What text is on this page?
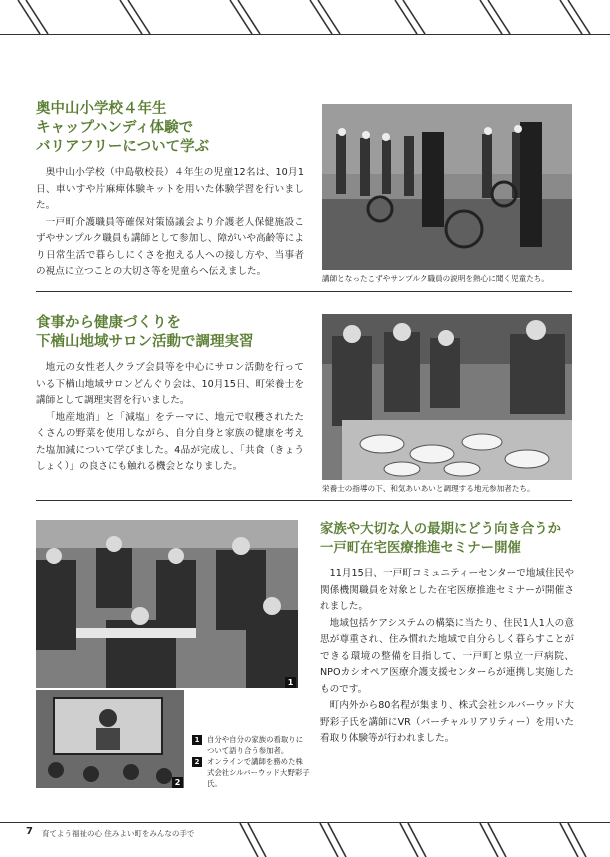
奥中山小学校４年生
キャップハンディ体験で
バリアフリーについて学ぶ

奥中山小学校（中島敬校長）４年生の児童12名は、10月1日、車いすや片麻痺体験キットを用いた体験学習を行いました。

一戸町介護職員等確保対策協議会より介護老人保健施設こずやサンプルク職員も講師として参加し、障がいや高齢等により日常生活で暮らしにくさを抱える人への接し方や、当事者の視点に立つことの大切さ等を児童らへ伝えました。

講師となったこずやサンプルク職員の説明を熱心に聞く児童たち。
食事から健康づくりを
下楢山地域サロン活動で調理実習

地元の女性老人クラブ会員等を中心にサロン活動を行っている下楢山地域サロンどんぐり会は、10月15日、町栄養士を講師として調理実習を行いました。

「地産地消」と「減塩」をテーマに、地元で収穫されたたくさんの野菜を使用しながら、自分自身と家族の健康を考えた塩加減について学びました。4品が完成し、「共食（きょうしょく）」の良さにも触れる機会となりました。

栄養士の指導の下、和気あいあいと調理する地元参加者たち。
1
2
1	自分や自分の家族の看取りについて語り合う参加者。
2	オンラインで講師を務めた株式会社シルバーウッド大野彩子氏。
家族や大切な人の最期にどう向き合うか
一戸町在宅医療推進セミナー開催

11月15日、一戸町コミュニティーセンターで地域住民や関係機関職員を対象とした在宅医療推進セミナーが開催されました。

地域包括ケアシステムの構築に当たり、住民1人1人の意思が尊重され、住み慣れた地域で自分らしく暮らすことができる環境の整備を目指して、一戸町と県立一戸病院、NPOカシオペア医療介護支援センターらが連携し実施したものです。

町内外から80名程が集まり、株式会社シルバーウッド大野彩子氏を講師にVR（バーチャルリアリティー）を用いた看取り体験等が行われました。

7 育てよう福祉の心 住みよい町をみんなの手で
